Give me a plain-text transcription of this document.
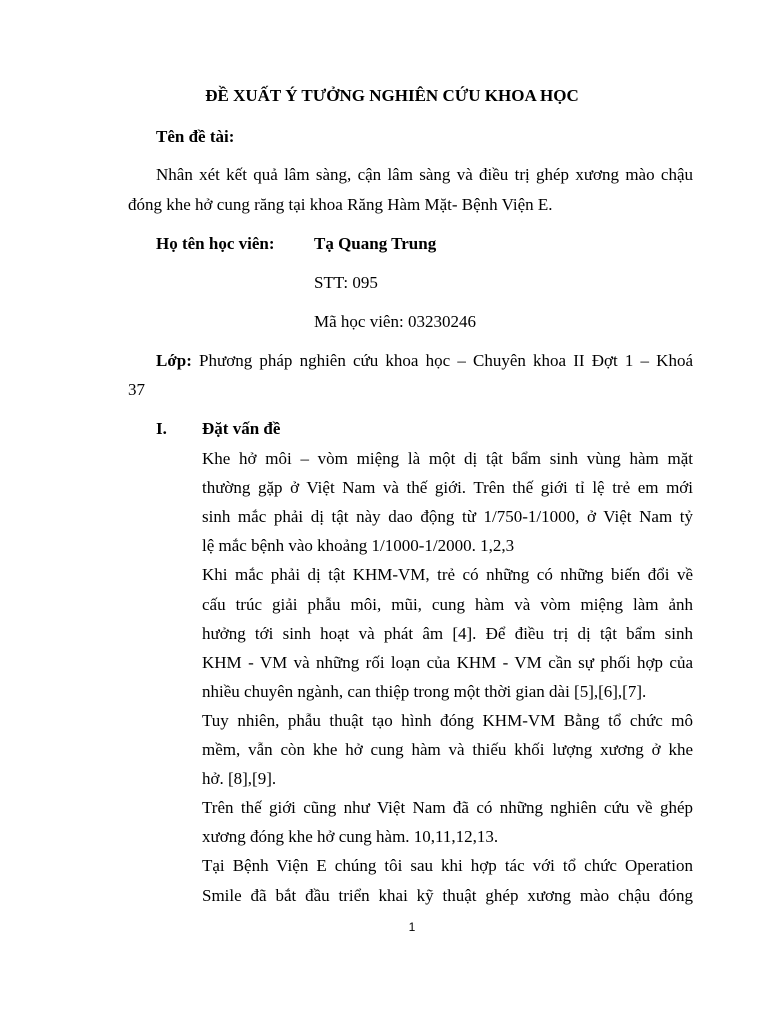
ĐỀ XUẤT Ý TƯỞNG NGHIÊN CỨU KHOA HỌC
Tên đề tài:
Nhân xét kết quả lâm sàng, cận lâm sàng và điều trị ghép xương mào chậu
đóng khe hở cung răng tại khoa Răng Hàm Mặt- Bệnh Viện E.
Họ tên học viên: Tạ Quang Trung
STT: 095
Mã học viên: 03230246
Lớp: Phương pháp nghiên cứu khoa học – Chuyên khoa II Đợt 1 – Khoá
37
I. Đặt vấn đề
Khe hở môi – vòm miệng là một dị tật bẩm sinh vùng hàm mặt
thường gặp ở Việt Nam và thế giới. Trên thế giới tỉ lệ trẻ em mới
sinh mắc phải dị tật này dao động từ 1/750-1/1000, ở Việt Nam tỷ
lệ mắc bệnh vào khoảng 1/1000-1/2000. 1,2,3
Khi mắc phải dị tật KHM-VM, trẻ có những có những biến đổi về
cấu trúc giải phẫu môi, mũi, cung hàm và vòm miệng làm ảnh
hưởng tới sinh hoạt và phát âm [4]. Để điều trị dị tật bẩm sinh
KHM - VM và những rối loạn của KHM - VM cần sự phối hợp của
nhiều chuyên ngành, can thiệp trong một thời gian dài [5],[6],[7].
Tuy nhiên, phẫu thuật tạo hình đóng KHM-VM Bằng tổ chức mô
mềm, vẫn còn khe hở cung hàm và thiếu khối lượng xương ở khe
hở. [8],[9].
Trên thế giới cũng như Việt Nam đã có những nghiên cứu về ghép
xương đóng khe hở cung hàm. 10,11,12,13.
Tại Bệnh Viện E chúng tôi sau khi hợp tác với tổ chức Operation
Smile đã bắt đầu triển khai kỹ thuật ghép xương mào chậu đóng
1
